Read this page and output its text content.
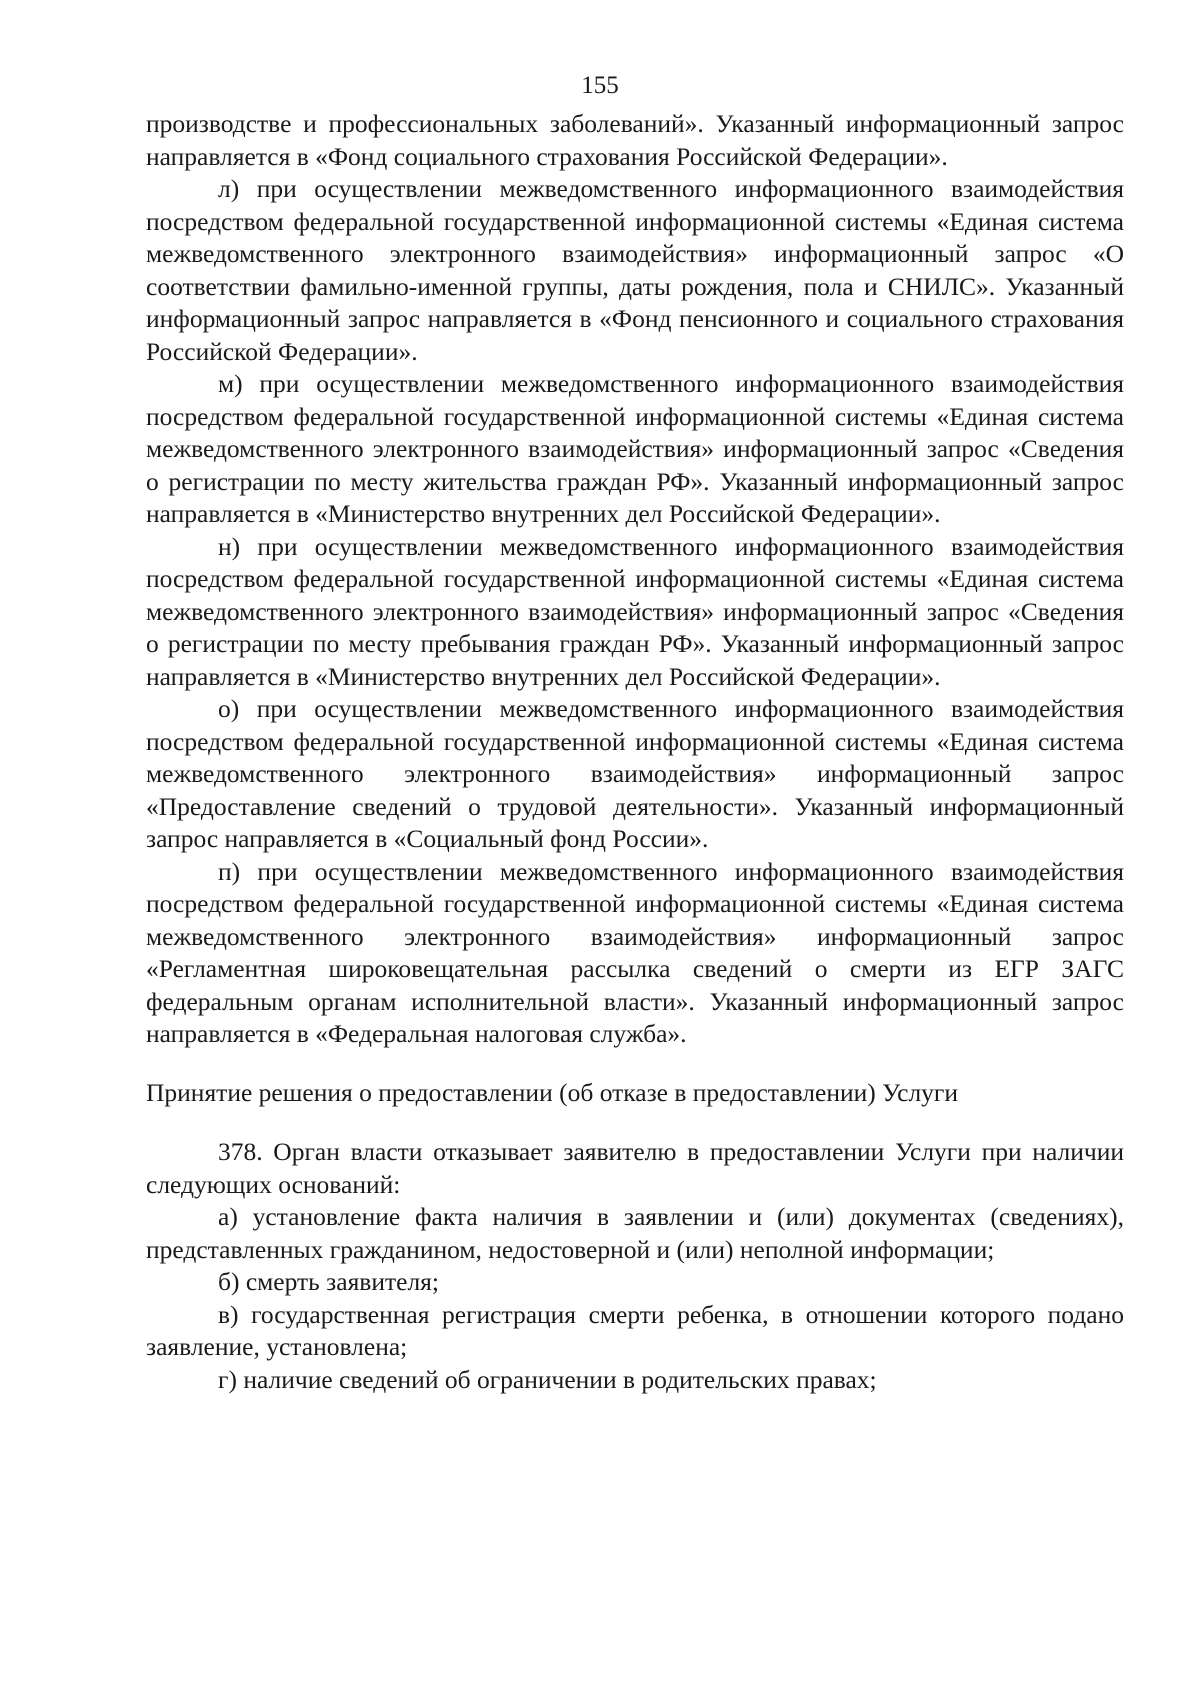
155

производстве и профессиональных заболеваний». Указанный информационный запрос направляется в «Фонд социального страхования Российской Федерации».

л) при осуществлении межведомственного информационного взаимодействия посредством федеральной государственной информационной системы «Единая система межведомственного электронного взаимодействия» информационный запрос «О соответствии фамильно-именной группы, даты рождения, пола и СНИЛС». Указанный информационный запрос направляется в «Фонд пенсионного и социального страхования Российской Федерации».

м) при осуществлении межведомственного информационного взаимодействия посредством федеральной государственной информационной системы «Единая система межведомственного электронного взаимодействия» информационный запрос «Сведения о регистрации по месту жительства граждан РФ». Указанный информационный запрос направляется в «Министерство внутренних дел Российской Федерации».

н) при осуществлении межведомственного информационного взаимодействия посредством федеральной государственной информационной системы «Единая система межведомственного электронного взаимодействия» информационный запрос «Сведения о регистрации по месту пребывания граждан РФ». Указанный информационный запрос направляется в «Министерство внутренних дел Российской Федерации».

о) при осуществлении межведомственного информационного взаимодействия посредством федеральной государственной информационной системы «Единая система межведомственного электронного взаимодействия» информационный запрос «Предоставление сведений о трудовой деятельности». Указанный информационный запрос направляется в «Социальный фонд России».

п) при осуществлении межведомственного информационного взаимодействия посредством федеральной государственной информационной системы «Единая система межведомственного электронного взаимодействия» информационный запрос «Регламентная широковещательная рассылка сведений о смерти из ЕГР ЗАГС федеральным органам исполнительной власти». Указанный информационный запрос направляется в «Федеральная налоговая служба».

Принятие решения о предоставлении (об отказе в предоставлении) Услуги

378. Орган власти отказывает заявителю в предоставлении Услуги при наличии следующих оснований:

а) установление факта наличия в заявлении и (или) документах (сведениях), представленных гражданином, недостоверной и (или) неполной информации;

б) смерть заявителя;

в) государственная регистрация смерти ребенка, в отношении которого подано заявление, установлена;

г) наличие сведений об ограничении в родительских правах;
